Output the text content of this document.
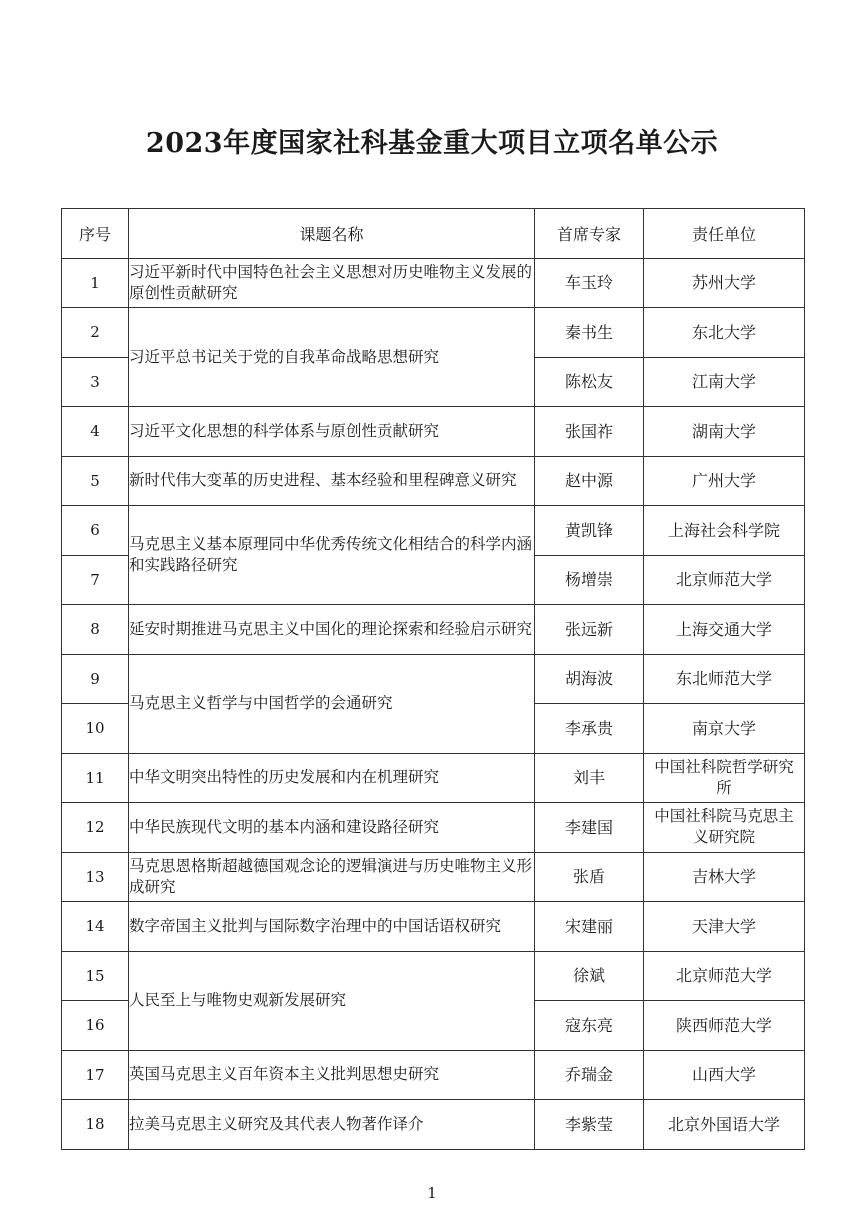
2023年度国家社科基金重大项目立项名单公示
序号	课题名称	首席专家	责任单位
1	习近平新时代中国特色社会主义思想对历史唯物主义发展的原创性贡献研究	车玉玲	苏州大学
2	习近平总书记关于党的自我革命战略思想研究	秦书生	东北大学
3		陈松友	江南大学
4	习近平文化思想的科学体系与原创性贡献研究	张国祚	湖南大学
5	新时代伟大变革的历史进程、基本经验和里程碑意义研究	赵中源	广州大学
6	马克思主义基本原理同中华优秀传统文化相结合的科学内涵和实践路径研究	黄凯锋	上海社会科学院
7		杨增崇	北京师范大学
8	延安时期推进马克思主义中国化的理论探索和经验启示研究	张远新	上海交通大学
9	马克思主义哲学与中国哲学的会通研究	胡海波	东北师范大学
10		李承贵	南京大学
11	中华文明突出特性的历史发展和内在机理研究	刘丰	中国社科院哲学研究所
12	中华民族现代文明的基本内涵和建设路径研究	李建国	中国社科院马克思主义研究院
13	马克思恩格斯超越德国观念论的逻辑演进与历史唯物主义形成研究	张盾	吉林大学
14	数字帝国主义批判与国际数字治理中的中国话语权研究	宋建丽	天津大学
15	人民至上与唯物史观新发展研究	徐斌	北京师范大学
16		寇东亮	陕西师范大学
17	英国马克思主义百年资本主义批判思想史研究	乔瑞金	山西大学
18	拉美马克思主义研究及其代表人物著作译介	李紫莹	北京外国语大学
1
